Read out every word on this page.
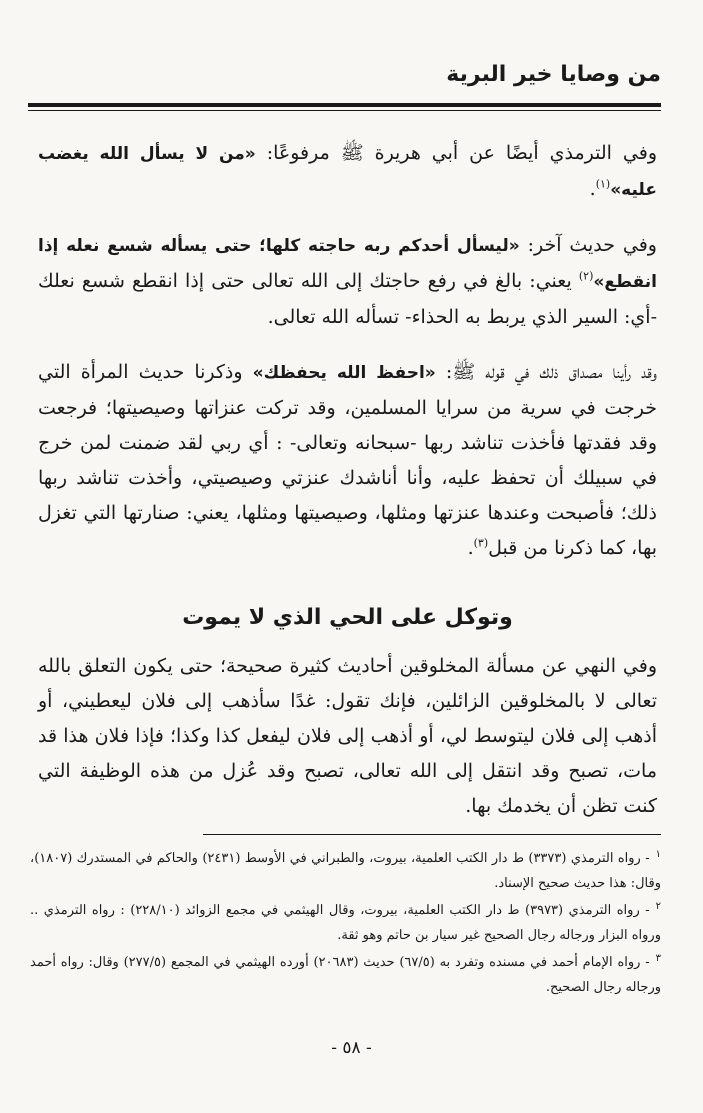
من وصايا خير البرية

وفي الترمذي أيضًا عن أبي هريرة ﷺ مرفوعًا: «من لا يسأل الله يغضب عليه»$^{(١)}$.

وفي حديث آخر: «ليسأل أحدكم ربه حاجته كلها؛ حتى يسأله شسع نعله إذا انقطع»$^{(٢)}$ يعني: بالغ في رفع حاجتك إلى الله تعالى حتى إذا انقطع شسع نعلك -أي: السير الذي يربط به الحذاء- تسأله الله تعالى.

وقد رأينا مصداق ذلك في قوله ﷺ: «احفظ الله يحفظك» وذكرنا حديث المرأة التي خرجت في سرية من سرايا المسلمين، وقد تركت عنزاتها وصيصيتها؛ فرجعت وقد فقدتها فأخذت تناشد ربها -سبحانه وتعالى- : أي ربي لقد ضمنت لمن خرج في سبيلك أن تحفظ عليه، وأنا أناشدك عنزتي وصيصيتي، وأخذت تناشد ربها ذلك؛ فأصبحت وعندها عنزتها ومثلها، وصيصيتها ومثلها، يعني: صنارتها التي تغزل بها، كما ذكرنا من قبل$^{(٣)}$.

وتوكل على الحي الذي لا يموت

وفي النهي عن مسألة المخلوقين أحاديث كثيرة صحيحة؛ حتى يكون التعلق بالله تعالى لا بالمخلوقين الزائلين، فإنك تقول: غدًا سأذهب إلى فلان ليعطيني، أو أذهب إلى فلان ليتوسط لي، أو أذهب إلى فلان ليفعل كذا وكذا؛ فإذا فلان هذا قد مات، تصبح وقد انتقل إلى الله تعالى، تصبح وقد عُزل من هذه الوظيفة التي كنت تظن أن يخدمك بها.

$^١$- رواه الترمذي (٣٣٧٣) ط دار الكتب العلمية، بيروت، والطبراني في الأوسط (٢٤٣١) والحاكم في المستدرك (١٨٠٧)، وقال: هذا حديث صحيح الإسناد.

$^٢$- رواه الترمذي (٣٩٧٣) ط دار الكتب العلمية، بيروت، وقال الهيثمي في مجمع الزوائد (٢٢٨/١٠) : رواه الترمذي .. ورواه البزار ورجاله رجال الصحيح غير سيار بن حاتم وهو ثقة.

$^٣$- رواه الإمام أحمد في مسنده وتفرد به (٦٧/٥) حديث (٢٠٦٨٣) أورده الهيثمي في المجمع (٢٧٧/٥) وقال: رواه أحمد ورجاله رجال الصحيح.

- ٥٨ -
